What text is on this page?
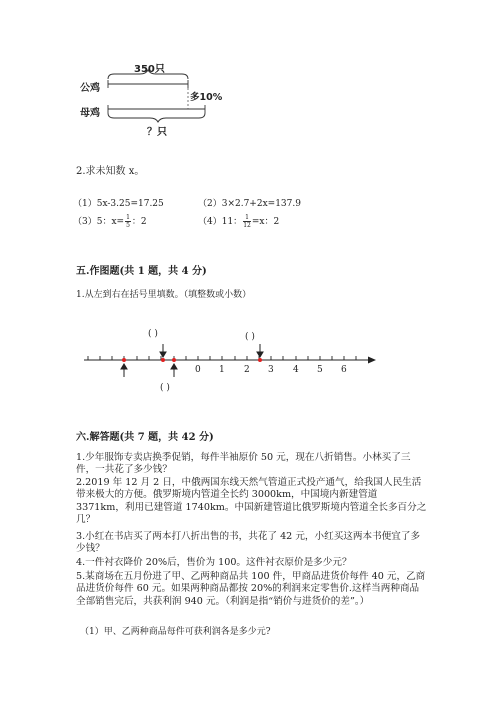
350只
公鸡
母鸡
多10%
？只
2.求未知数 x。
（1）5x-3.25=17.25	（2）3×2.7+2x=137.9
（3）5：$x= \frac{1}{5}$ ：2	（4）11： $\frac{1}{12} =x$：2
五.作图题(共 1 题，共 4 分)
1.从左到右在括号里填数。（填整数或小数）
( )	( )
( )
0 1 2 3 4 5 6
六.解答题(共 7 题，共 42 分)
1.少年服饰专卖店换季促销，每件半袖原价 50 元，现在八折销售。小林买了三件，一共花了多少钱？
2.2019 年 12 月 2 日，中俄两国东线天然气管道正式投产通气，给我国人民生活带来极大的方便。俄罗斯境内管道全长约 3000km，中国境内新建管道 3371km，利用已建管道 1740km。中国新建管道比俄罗斯境内管道全长多百分之几？
3.小红在书店买了两本打八折出售的书，共花了 42 元，小红买这两本书便宜了多少钱？
4.一件衬衣降价 20%后，售价为 100。这件衬衣原价是多少元？
5.某商场在五月份进了甲、乙两种商品共 100 件，甲商品进货价每件 40 元，乙商品进货价每件 60 元。如果两种商品都按 20%的利润来定零售价.这样当两种商品全部销售完后，共获利润 940 元。（利润是指“销价与进货价的差”。）
（1）甲、乙两种商品每件可获利润各是多少元?
